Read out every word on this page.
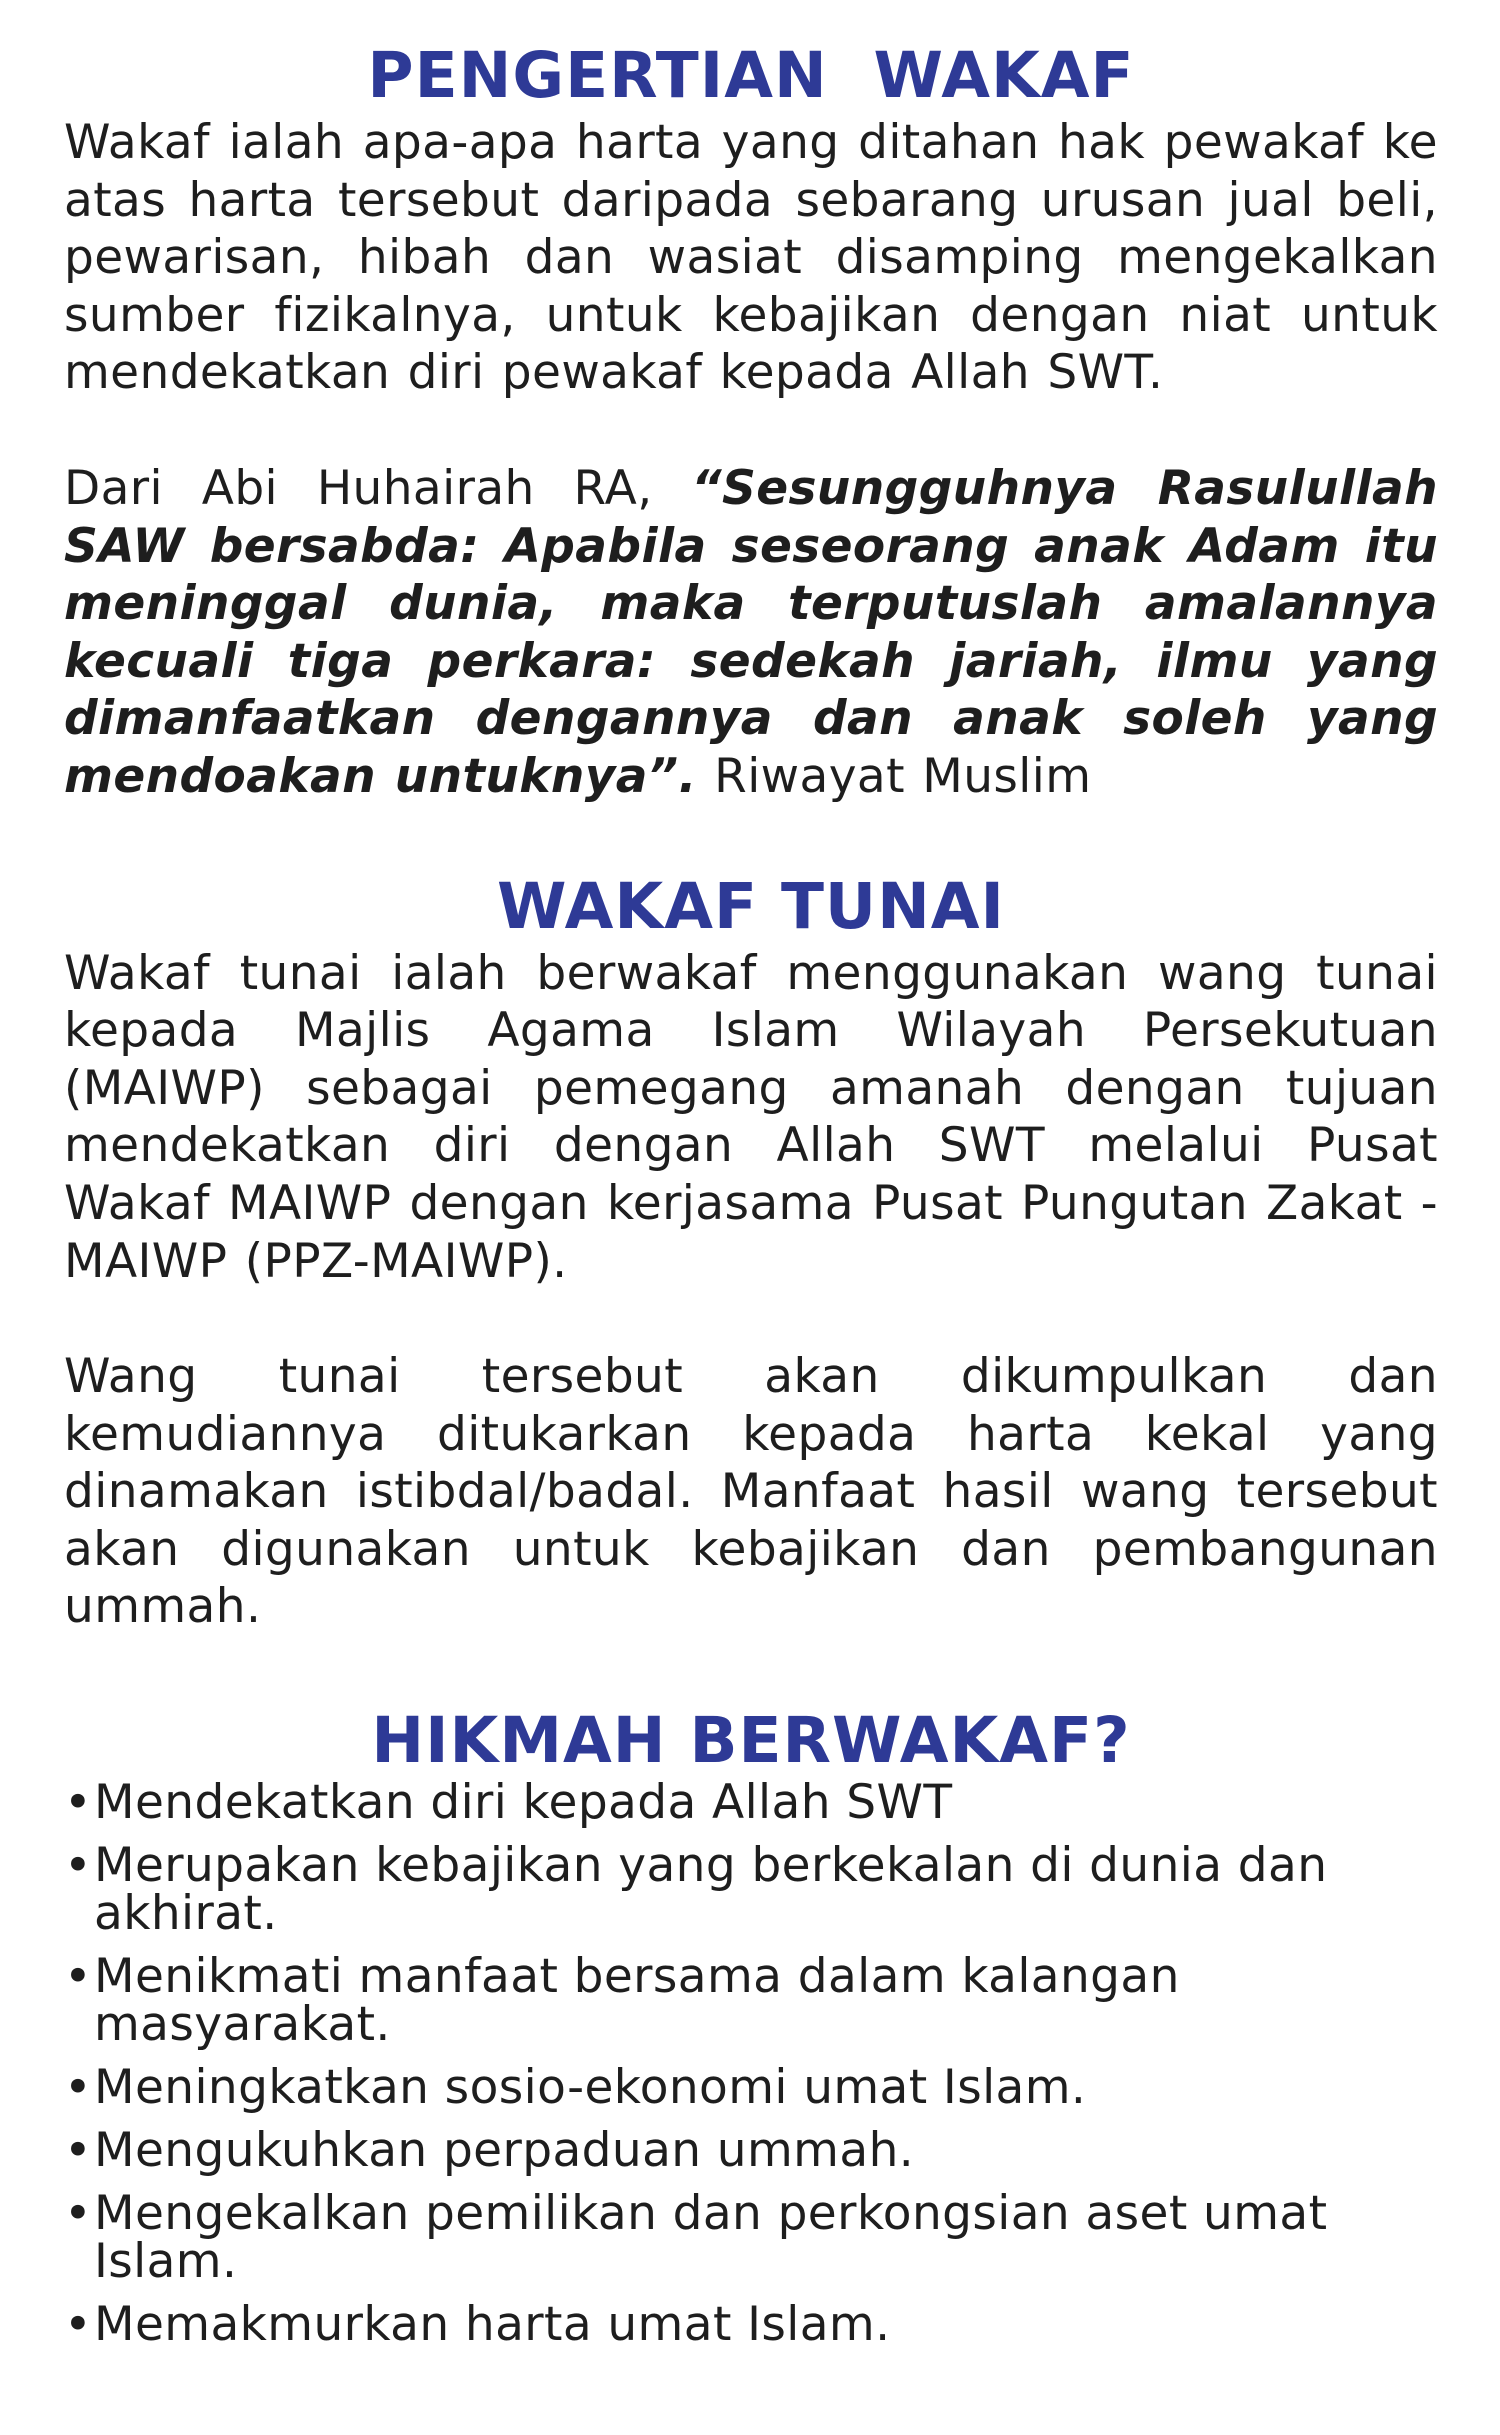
PENGERTIAN  WAKAF

Wakaf ialah apa-apa harta yang ditahan hak pewakaf ke atas harta tersebut daripada sebarang urusan jual beli, pewarisan, hibah dan wasiat disamping mengekalkan sumber fizikalnya, untuk kebajikan dengan niat untuk mendekatkan diri pewakaf kepada Allah SWT.

Dari Abi Huhairah RA, “Sesungguhnya Rasulullah SAW bersabda: Apabila seseorang anak Adam itu meninggal dunia, maka terputuslah amalannya kecuali tiga perkara: sedekah jariah, ilmu yang dimanfaatkan dengannya dan anak soleh yang mendoakan untuknya”. Riwayat Muslim

WAKAF TUNAI

Wakaf tunai ialah berwakaf menggunakan wang tunai kepada Majlis Agama Islam Wilayah Persekutuan (MAIWP) sebagai pemegang amanah dengan tujuan mendekatkan diri dengan Allah SWT melalui Pusat Wakaf MAIWP dengan kerjasama Pusat Pungutan Zakat -MAIWP (PPZ-MAIWP).

Wang tunai tersebut akan dikumpulkan dan kemudiannya ditukarkan kepada harta kekal yang dinamakan istibdal/badal. Manfaat hasil wang tersebut akan digunakan untuk kebajikan dan pembangunan ummah.

HIKMAH BERWAKAF?
• Mendekatkan diri kepada Allah SWT
• Merupakan kebajikan yang berkekalan di dunia dan akhirat.
• Menikmati manfaat bersama dalam kalangan masyarakat.
• Meningkatkan sosio-ekonomi umat Islam.
• Mengukuhkan perpaduan ummah.
• Mengekalkan pemilikan dan perkongsian aset umat Islam.
• Memakmurkan harta umat Islam.
